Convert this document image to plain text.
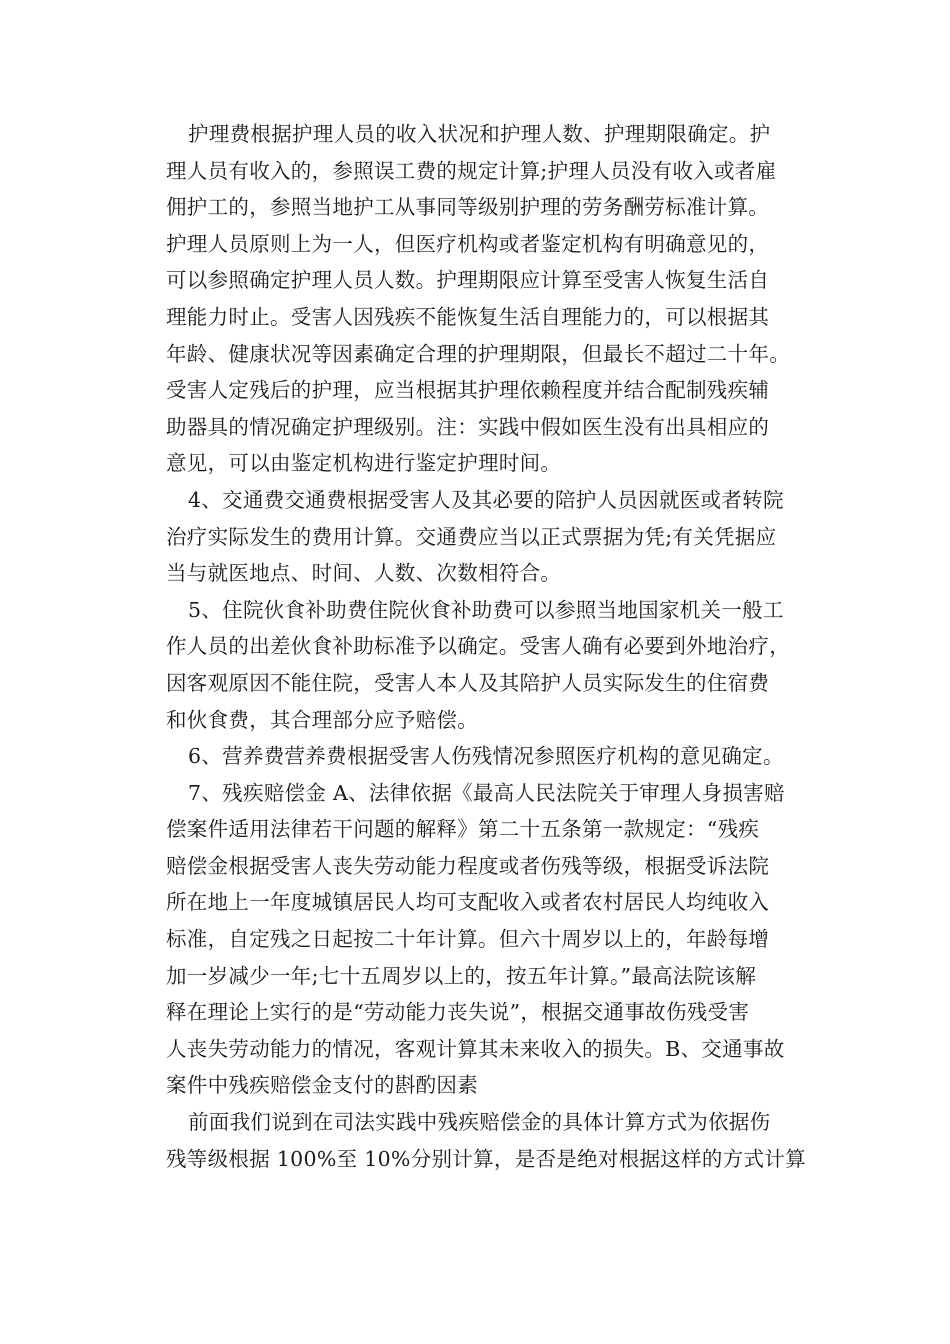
护理费根据护理人员的收入状况和护理人数、护理期限确定。护
理人员有收入的，参照误工费的规定计算;护理人员没有收入或者雇
佣护工的，参照当地护工从事同等级别护理的劳务酬劳标准计算。
护理人员原则上为一人，但医疗机构或者鉴定机构有明确意见的，
可以参照确定护理人员人数。护理期限应计算至受害人恢复生活自
理能力时止。受害人因残疾不能恢复生活自理能力的，可以根据其
年龄、健康状况等因素确定合理的护理期限，但最长不超过二十年。
受害人定残后的护理，应当根据其护理依赖程度并结合配制残疾辅
助器具的情况确定护理级别。注：实践中假如医生没有出具相应的
意见，可以由鉴定机构进行鉴定护理时间。
4、交通费交通费根据受害人及其必要的陪护人员因就医或者转院
治疗实际发生的费用计算。交通费应当以正式票据为凭;有关凭据应
当与就医地点、时间、人数、次数相符合。
5、住院伙食补助费住院伙食补助费可以参照当地国家机关一般工
作人员的出差伙食补助标准予以确定。受害人确有必要到外地治疗，
因客观原因不能住院，受害人本人及其陪护人员实际发生的住宿费
和伙食费，其合理部分应予赔偿。
6、营养费营养费根据受害人伤残情况参照医疗机构的意见确定。
7、残疾赔偿金 A、法律依据《最高人民法院关于审理人身损害赔
偿案件适用法律若干问题的解释》第二十五条第一款规定：“残疾
赔偿金根据受害人丧失劳动能力程度或者伤残等级，根据受诉法院
所在地上一年度城镇居民人均可支配收入或者农村居民人均纯收入
标准，自定残之日起按二十年计算。但六十周岁以上的，年龄每增
加一岁减少一年;七十五周岁以上的，按五年计算。”最高法院该解
释在理论上实行的是“劳动能力丧失说”，根据交通事故伤残受害
人丧失劳动能力的情况，客观计算其未来收入的损失。B、交通事故
案件中残疾赔偿金支付的斟酌因素
前面我们说到在司法实践中残疾赔偿金的具体计算方式为依据伤
残等级根据 100%至 10%分别计算，是否是绝对根据这样的方式计算
